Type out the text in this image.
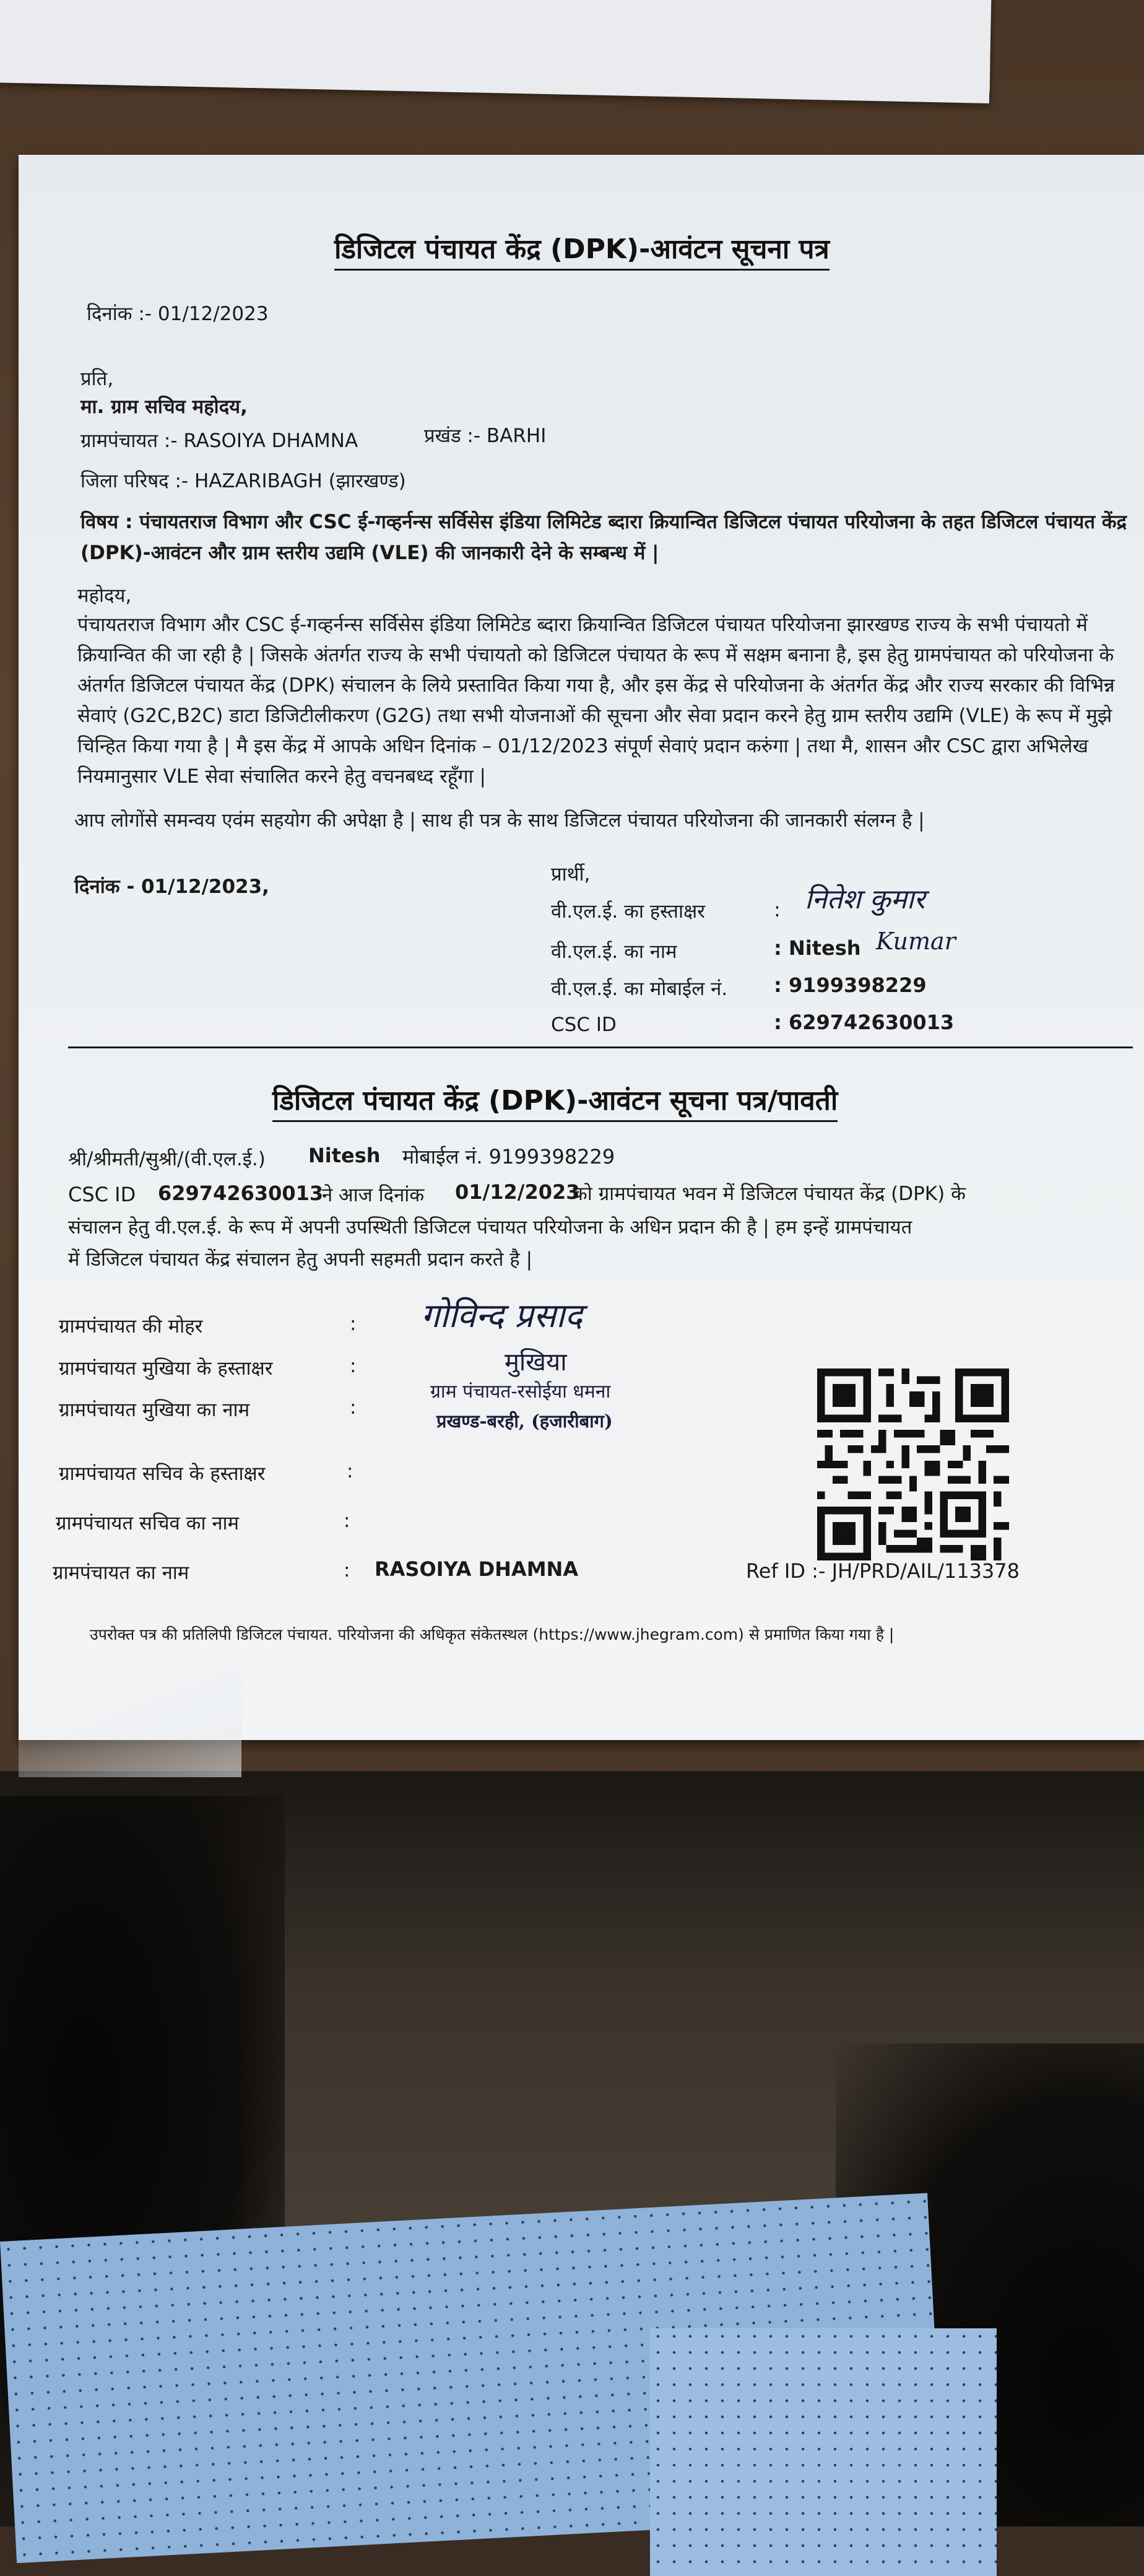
डिजिटल पंचायत केंद्र (DPK)-आवंटन सूचना पत्र
दिनांक :- 01/12/2023
प्रति,
मा. ग्राम सचिव महोदय,
ग्रामपंचायत :- RASOIYA DHAMNA	प्रखंड :- BARHI
जिला परिषद :- HAZARIBAGH (झारखण्ड)
विषय : पंचायतराज विभाग और CSC ई-गव्हर्नन्स सर्विसेस इंडिया लिमिटेड ब्दारा क्रियान्वित डिजिटल पंचायत परियोजना के तहत डिजिटल पंचायत केंद्र (DPK)-आवंटन और ग्राम स्तरीय उद्यमि (VLE) की जानकारी देने के सम्बन्ध में |
महोदय,
पंचायतराज विभाग और CSC ई-गव्हर्नन्स सर्विसेस इंडिया लिमिटेड ब्दारा क्रियान्वित डिजिटल पंचायत परियोजना झारखण्ड राज्य के सभी पंचायतो में क्रियान्वित की जा रही है | जिसके अंतर्गत राज्य के सभी पंचायतो को डिजिटल पंचायत के रूप में सक्षम बनाना है, इस हेतु ग्रामपंचायत को परियोजना के अंतर्गत डिजिटल पंचायत केंद्र (DPK) संचालन के लिये प्रस्तावित किया गया है, और इस केंद्र से परियोजना के अंतर्गत केंद्र और राज्य सरकार की विभिन्न सेवाएं (G2C,B2C) डाटा डिजिटीलीकरण (G2G) तथा सभी योजनाओं की सूचना और सेवा प्रदान करने हेतु ग्राम स्तरीय उद्यमि (VLE) के रूप में मुझे चिन्हित किया गया है | मै इस केंद्र में आपके अधिन दिनांक – 01/12/2023 संपूर्ण सेवाएं प्रदान करुंगा | तथा मै, शासन और CSC द्वारा अभिलेख नियमानुसार VLE सेवा संचालित करने हेतु वचनबध्द रहूँगा |
आप लोगोंसे समन्वय एवंम सहयोग की अपेक्षा है | साथ ही पत्र के साथ डिजिटल पंचायत परियोजना की जानकारी संलग्न है |
दिनांक - 01/12/2023,
प्रार्थी,
वी.एल.ई. का हस्ताक्षर	: नितेश कुमार
वी.एल.ई. का नाम	: Nitesh Kumar
वी.एल.ई. का मोबाईल नं. : 9199398229
CSC ID	: 629742630013
डिजिटल पंचायत केंद्र (DPK)-आवंटन सूचना पत्र/पावती
श्री/श्रीमती/सुश्री/(वी.एल.ई.) Nitesh मोबाईल नं. 9199398229
CSC ID 629742630013
ने आज दिनांक 01/12/2023
को ग्रामपंचायत भवन में डिजिटल पंचायत केंद्र (DPK) के
संचालन हेतु वी.एल.ई. के रूप में अपनी उपस्थिती डिजिटल पंचायत परियोजना के अधिन प्रदान की है | हम इन्हें ग्रामपंचायत
में डिजिटल पंचायत केंद्र संचालन हेतु अपनी सहमती प्रदान करते है |
ग्रामपंचायत की मोहर	:
ग्रामपंचायत मुखिया के हस्ताक्षर	:
ग्रामपंचायत मुखिया का नाम	:
ग्रामपंचायत सचिव के हस्ताक्षर	:
ग्रामपंचायत सचिव का नाम	:
ग्रामपंचायत का नाम	: RASOIYA DHAMNA
गोविन्द प्रसाद
मुखिया
ग्राम पंचायत-रसोईया धमना
प्रखण्ड-बरही, (हजारीबाग)
Ref ID :- JH/PRD/AIL/113378
उपरोक्त पत्र की प्रतिलिपी डिजिटल पंचायत. परियोजना की अधिकृत संकेतस्थल (https://www.jhegram.com) से प्रमाणित किया गया है |
